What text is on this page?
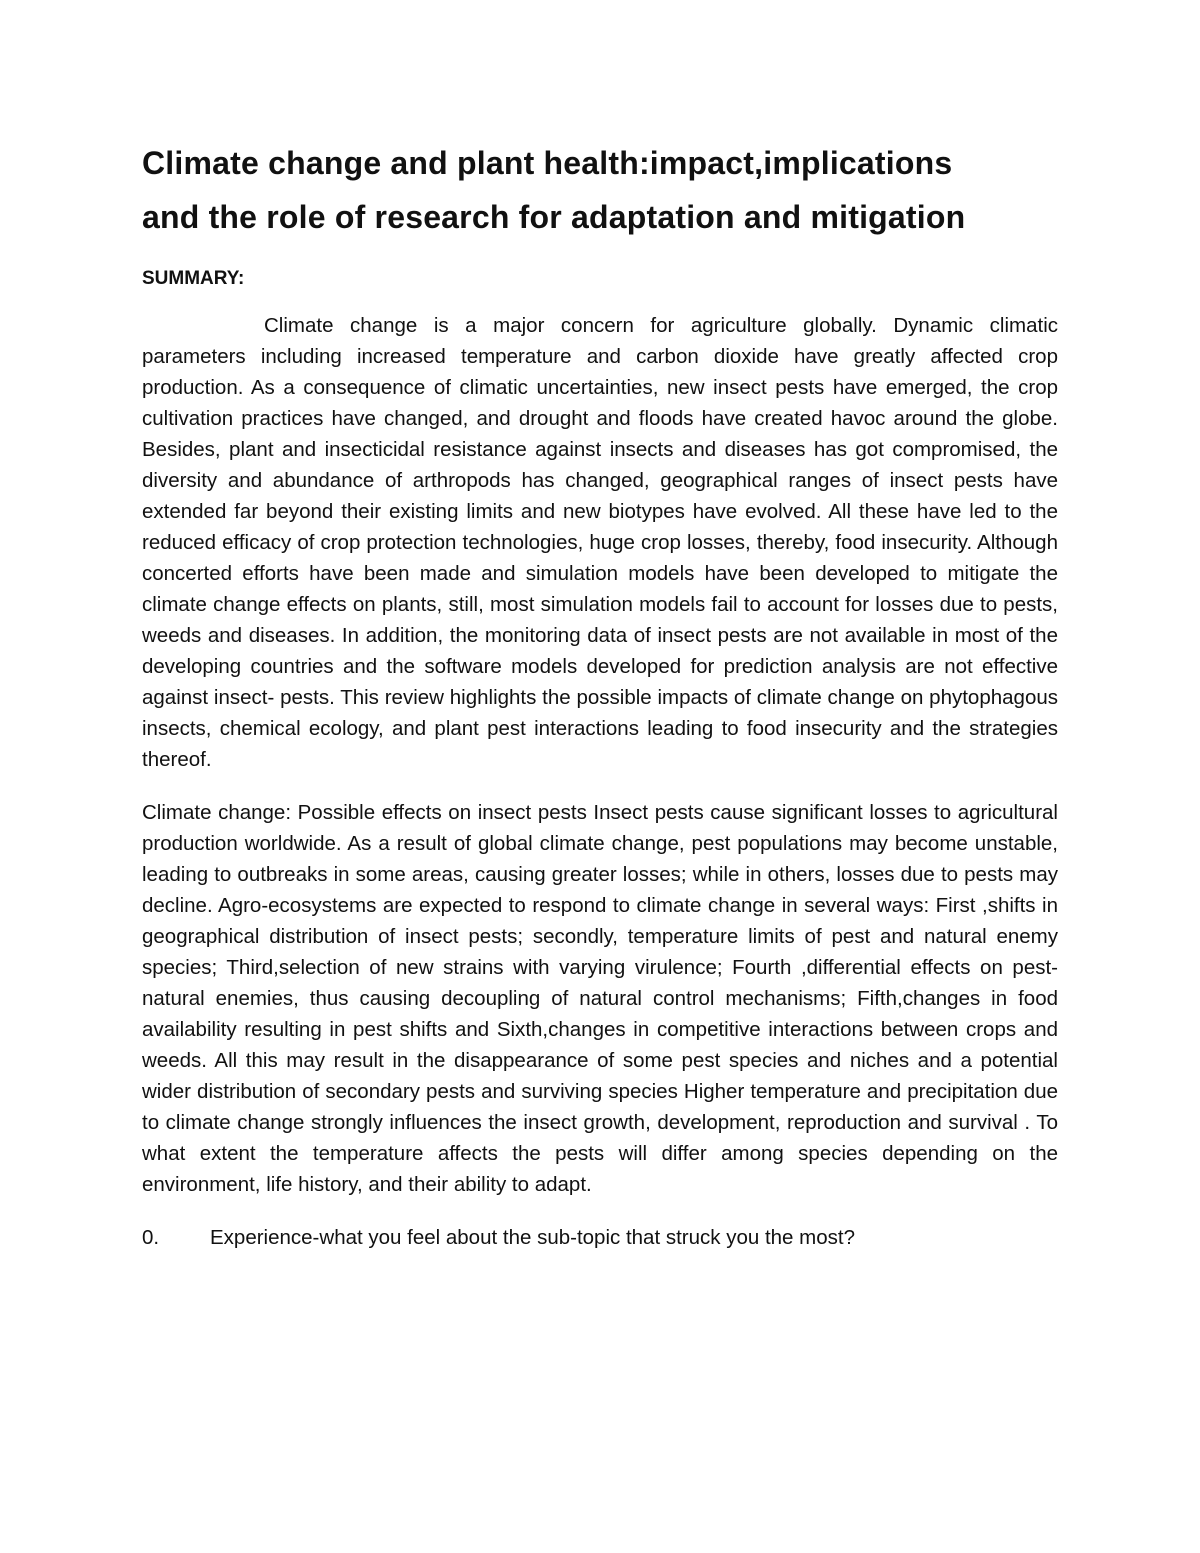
Climate change and plant health:impact,implications
and the role of research for adaptation and mitigation

SUMMARY:

Climate change is a major concern for agriculture globally. Dynamic climatic parameters including increased temperature and carbon dioxide have greatly affected crop production. As a consequence of climatic uncertainties, new insect pests have emerged, the crop cultivation practices have changed, and drought and floods have created havoc around the globe. Besides, plant and insecticidal resistance against insects and diseases has got compromised, the diversity and abundance of arthropods has changed, geographical ranges of insect pests have extended far beyond their existing limits and new biotypes have evolved. All these have led to the reduced efficacy of crop protection technologies, huge crop losses, thereby, food insecurity. Although concerted efforts have been made and simulation models have been developed to mitigate the climate change effects on plants, still, most simulation models fail to account for losses due to pests, weeds and diseases. In addition, the monitoring data of insect pests are not available in most of the developing countries and the software models developed for prediction analysis are not effective against insect- pests. This review highlights the possible impacts of climate change on phytophagous insects, chemical ecology, and plant pest interactions leading to food insecurity and the strategies thereof.

Climate change: Possible effects on insect pests Insect pests cause significant losses to agricultural production worldwide. As a result of global climate change, pest populations may become unstable, leading to outbreaks in some areas, causing greater losses; while in others, losses due to pests may decline. Agro-ecosystems are expected to respond to climate change in several ways: First ,shifts in geographical distribution of insect pests; secondly, temperature limits of pest and natural enemy species; Third,selection of new strains with varying virulence; Fourth ,differential effects on pest-natural enemies, thus causing decoupling of natural control mechanisms; Fifth,changes in food availability resulting in pest shifts and Sixth,changes in competitive interactions between crops and weeds. All this may result in the disappearance of some pest species and niches and a potential wider distribution of secondary pests and surviving species Higher temperature and precipitation due to climate change strongly influences the insect growth, development, reproduction and survival . To what extent the temperature affects the pests will differ among species depending on the environment, life history, and their ability to adapt.

0.	Experience-what you feel about the sub-topic that struck you the most?
